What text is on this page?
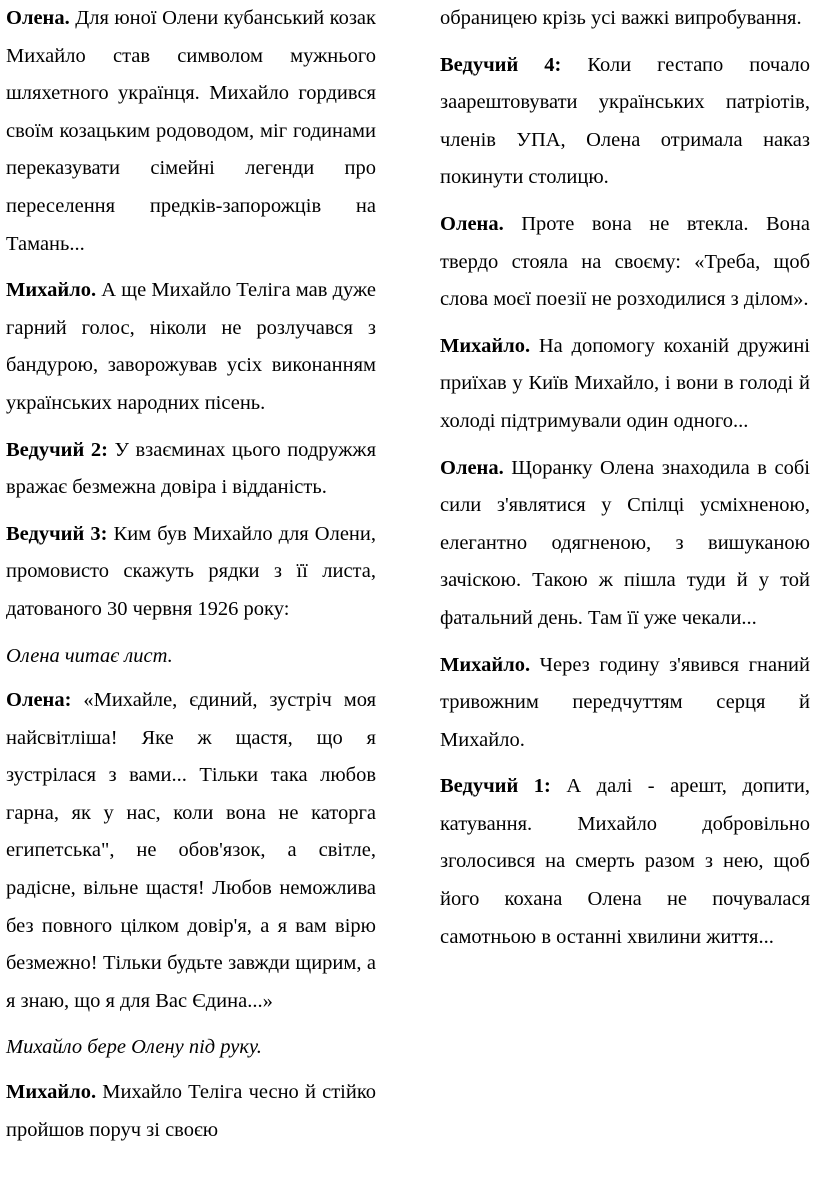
Олена. Для юної Олени кубанський козак Михайло став символом мужнього шляхетного українця. Михайло гордився своїм козацьким родоводом, міг годинами переказувати сімейні легенди про переселення предків-запорожців на Тамань...

Михайло. А ще Михайло Теліга мав дуже гарний голос, ніколи не розлучався з бандурою, заворожував усіх виконанням українських народних пісень.

Ведучий 2: У взаєминах цього подружжя вражає безмежна довіра і відданість.

Ведучий 3: Ким був Михайло для Олени, промовисто скажуть рядки з її листа, датованого 30 червня 1926 року:

Олена читає лист.

Олена: «Михайле, єдиний, зустріч моя найсвітліша! Яке ж щастя, що я зустрілася з вами... Тільки така любов гарна, як у нас, коли вона не каторга египетська", не обов'язок, а світле, радісне, вільне щастя! Любов неможлива без повного цілком довір'я, а я вам вірю безмежно! Тільки будьте завжди щирим, а я знаю, що я для Вас Єдина...»

Михайло бере Олену під руку.

Михайло. Михайло Теліга чесно й стійко пройшов поруч зі своєю

обраницею крізь усі важкі випробування.

Ведучий 4: Коли гестапо почало заарештовувати українських патріотів, членів УПА, Олена отримала наказ покинути столицю.

Олена. Проте вона не втекла. Вона твердо стояла на своєму: «Треба, щоб слова моєї поезії не розходилися з ділом».

Михайло. На допомогу коханій дружині приїхав у Київ Михайло, і вони в голоді й холоді підтримували один одного...

Олена. Щоранку Олена знаходила в собі сили з'являтися у Спілці усміхненою, елегантно одягненою, з вишуканою зачіскою. Такою ж пішла туди й у той фатальний день. Там її уже чекали...

Михайло. Через годину з'явився гнаний тривожним передчуттям серця й Михайло.

Ведучий 1: А далі - арешт, допити, катування. Михайло добровільно зголосився на смерть разом з нею, щоб його кохана Олена не почувалася самотньою в останні хвилини життя...
